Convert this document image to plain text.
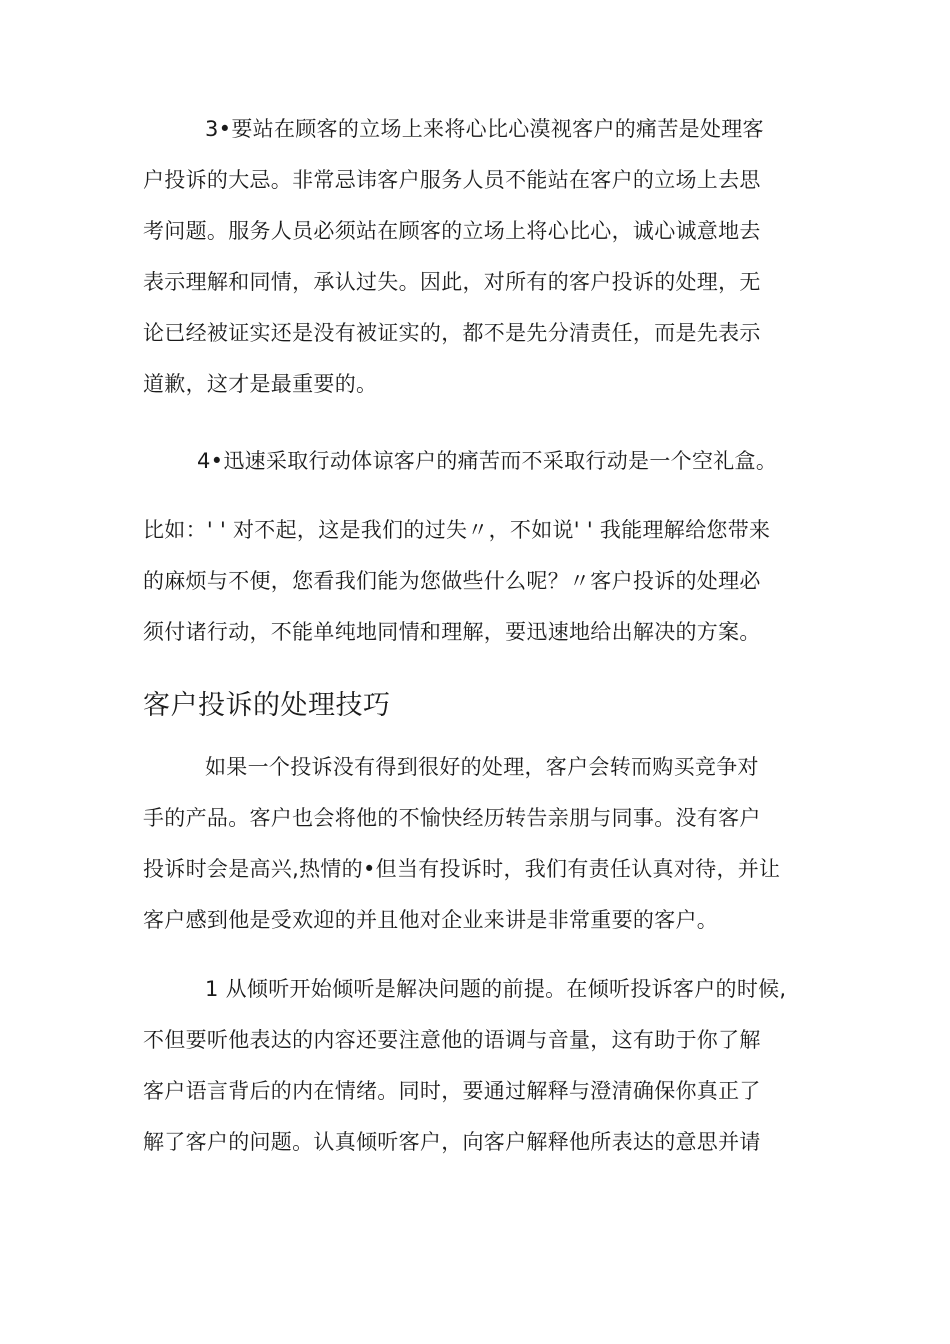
3•要站在顾客的立场上来将心比心漠视客户的痛苦是处理客
户投诉的大忌。非常忌讳客户服务人员不能站在客户的立场上去思
考问题。服务人员必须站在顾客的立场上将心比心，诚心诚意地去
表示理解和同情，承认过失。因此，对所有的客户投诉的处理，无
论已经被证实还是没有被证实的，都不是先分清责任，而是先表示
道歉，这才是最重要的。

4•迅速采取行动体谅客户的痛苦而不采取行动是一个空礼盒。

比如：' ' 对不起，这是我们的过失〃，不如说' ' 我能理解给您带来
的麻烦与不便，您看我们能为您做些什么呢？〃客户投诉的处理必
须付诸行动，不能单纯地同情和理解，要迅速地给出解决的方案。

客户投诉的处理技巧

如果一个投诉没有得到很好的处理，客户会转而购买竞争对
手的产品。客户也会将他的不愉快经历转告亲朋与同事。没有客户
投诉时会是高兴,热情的•但当有投诉时，我们有责任认真对待，并让
客户感到他是受欢迎的并且他对企业来讲是非常重要的客户。

1 从倾听开始倾听是解决问题的前提。在倾听投诉客户的时候,
不但要听他表达的内容还要注意他的语调与音量，这有助于你了解
客户语言背后的内在情绪。同时，要通过解释与澄清确保你真正了
解了客户的问题。认真倾听客户，向客户解释他所表达的意思并请
